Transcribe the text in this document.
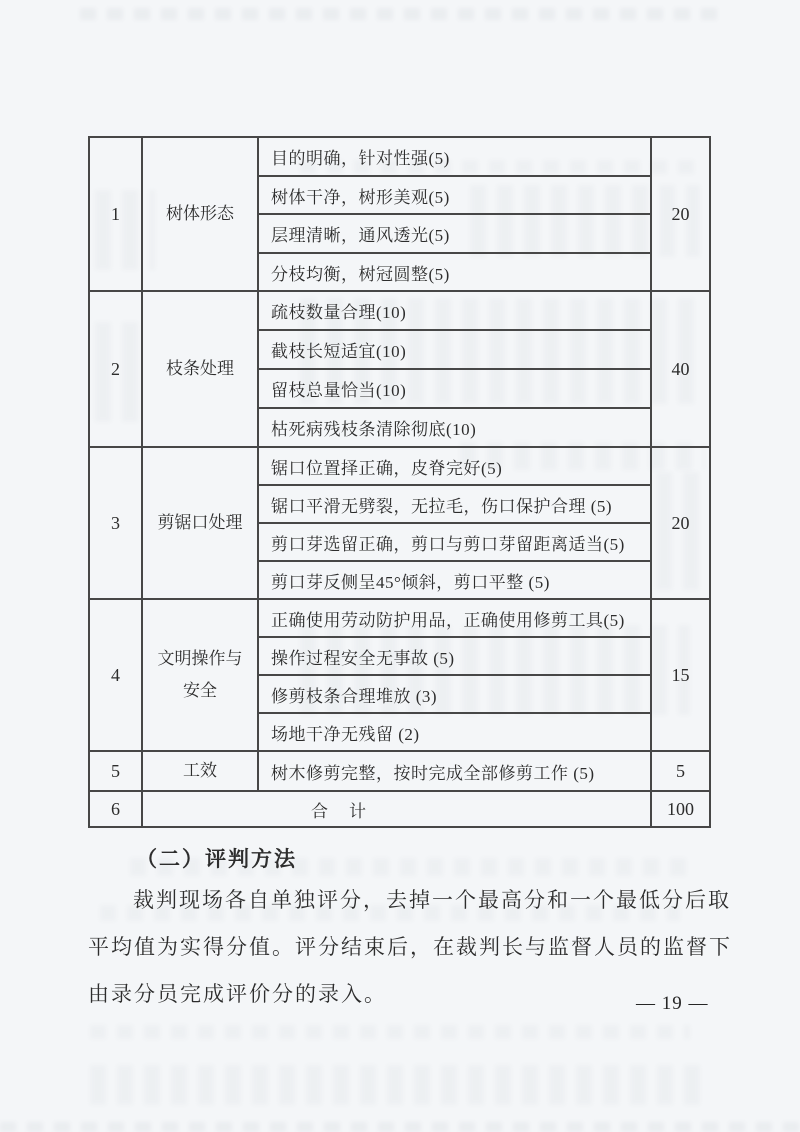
1	树体形态	目的明确，针对性强(5)	20
		树体干净，树形美观(5)	
		层理清晰，通风透光(5)	
		分枝均衡，树冠圆整(5)	
2	枝条处理	疏枝数量合理(10)	40
		截枝长短适宜(10)	
		留枝总量恰当(10)	
		枯死病残枝条清除彻底(10)	
3	剪锯口处理	锯口位置择正确，皮脊完好(5)	20
		锯口平滑无劈裂，无拉毛，伤口保护合理 (5)	
		剪口芽选留正确，剪口与剪口芽留距离适当(5)	
		剪口芽反侧呈45°倾斜，剪口平整 (5)	
4	文明操作与安全	正确使用劳动防护用品，正确使用修剪工具(5)	15
		操作过程安全无事故 (5)	
		修剪枝条合理堆放 (3)	
		场地干净无残留 (2)	
5	工效	树木修剪完整，按时完成全部修剪工作 (5)	5
6	合　计		100
（二）评判方法
裁判现场各自单独评分，去掉一个最高分和一个最低分后取
平均值为实得分值。评分结束后，在裁判长与监督人员的监督下
由录分员完成评价分的录入。	— 19 —
